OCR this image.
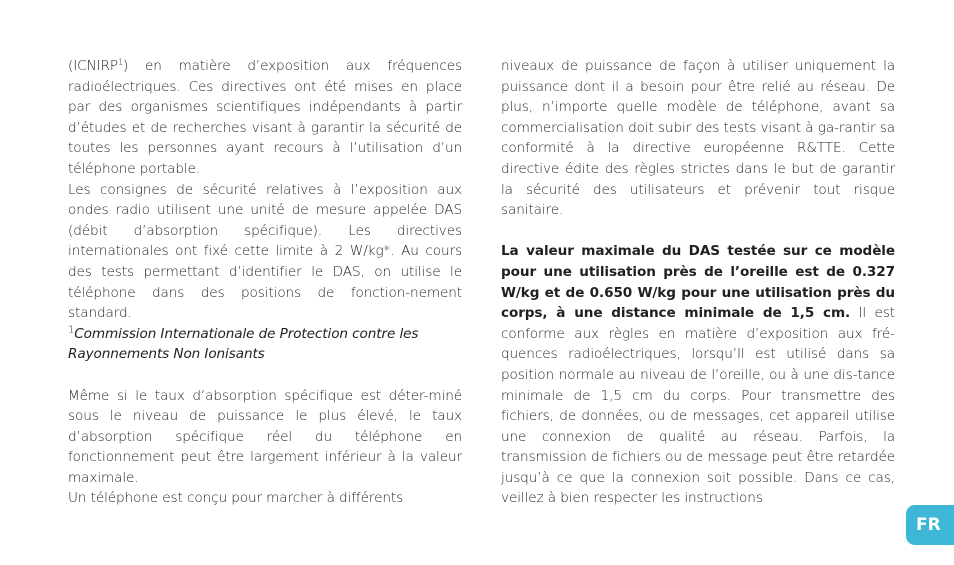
(ICNIRP$^1$) en matière d’exposition aux fréquences radioélectriques. Ces directives ont été mises en place par des organismes scientifiques indépendants à partir d’études et de recherches visant à garantir la sécurité de toutes les personnes ayant recours à l’utilisation d’un téléphone portable.

Les consignes de sécurité relatives à l’exposition aux ondes radio utilisent une unité de mesure appelée DAS (débit d’absorption spécifique). Les directives internationales ont fixé cette limite à 2 W/kg*. Au cours des tests permettant d’identifier le DAS, on utilise le téléphone dans des positions de fonction-nement standard.

$^1$Commission Internationale de Protection contre les Rayonnements Non Ionisants

Même si le taux d’absorption spécifique est déter-miné sous le niveau de puissance le plus élevé, le taux d’absorption spécifique réel du téléphone en fonctionnement peut être largement inférieur à la valeur maximale.

Un téléphone est conçu pour marcher à différents

niveaux de puissance de façon à utiliser uniquement la puissance dont il a besoin pour être relié au réseau. De plus, n’importe quelle modèle de téléphone, avant sa commercialisation doit subir des tests visant à ga-rantir sa conformité à la directive européenne R&TTE. Cette directive édite des règles strictes dans le but de garantir la sécurité des utilisateurs et prévenir tout risque sanitaire.

La valeur maximale du DAS testée sur ce modèle pour une utilisation près de l’oreille est de 0.327 W/kg et de 0.650 W/kg pour une utilisation près du corps, à une distance minimale de 1,5 cm. Il est conforme aux règles en matière d’exposition aux fré-quences radioélectriques, lorsqu’Il est utilisé dans sa position normale au niveau de l’oreille, ou à une dis-tance minimale de 1,5 cm du corps. Pour transmettre des fichiers, de données, ou de messages, cet appareil utilise une connexion de qualité au réseau. Parfois, la transmission de fichiers ou de message peut être retardée jusqu’à ce que la connexion soit possible. Dans ce cas, veillez à bien respecter les instructions

FR
